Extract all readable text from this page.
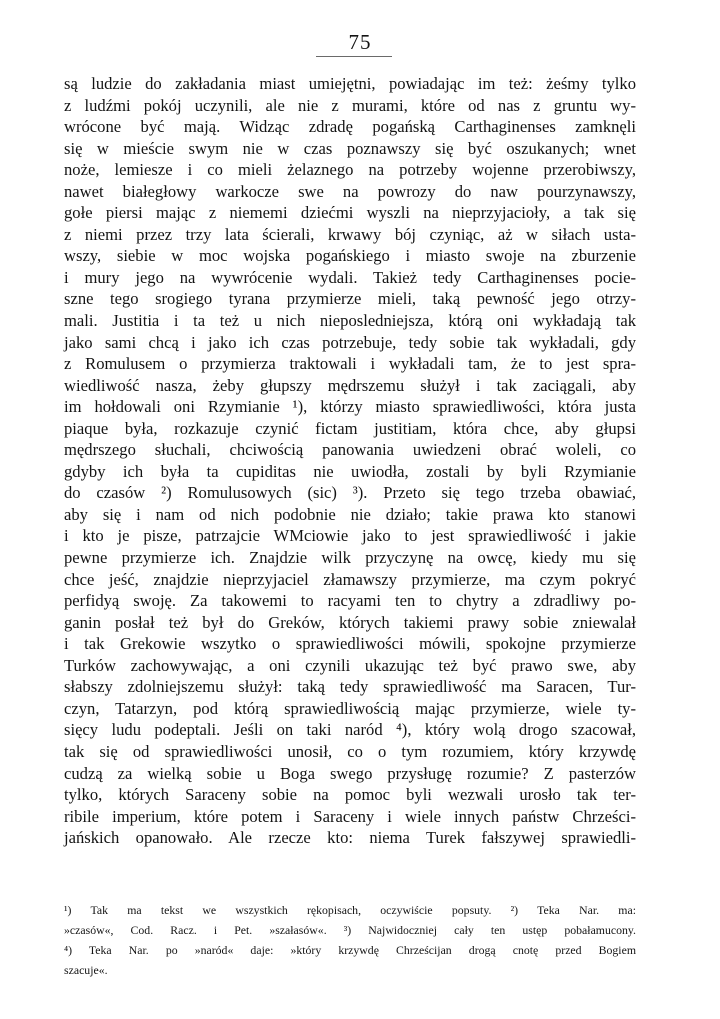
75
są ludzie do zakładania miast umiejętni, powiadając im też: żeśmy tylko
z ludźmi pokój uczynili, ale nie z murami, które od nas z gruntu wy-
wrócone być mają. Widząc zdradę pogańską Carthaginenses zamknęli
się w mieście swym nie w czas poznawszy się być oszukanych; wnet
noże, lemiesze i co mieli żelaznego na potrzeby wojenne przerobiwszy,
nawet białegłowy warkocze swe na powrozy do naw pourzynawszy,
gołe piersi mając z niememi dziećmi wyszli na nieprzyjacioły, a tak się
z niemi przez trzy lata ścierali, krwawy bój czyniąc, aż w siłach usta-
wszy, siebie w moc wojska pogańskiego i miasto swoje na zburzenie
i mury jego na wywrócenie wydali. Takież tedy Carthaginenses pocie-
szne tego srogiego tyrana przymierze mieli, taką pewność jego otrzy-
mali. Justitia i ta też u nich nieposledniejsza, którą oni wykładają tak
jako sami chcą i jako ich czas potrzebuje, tedy sobie tak wykładali, gdy
z Romulusem o przymierza traktowali i wykładali tam, że to jest spra-
wiedliwość nasza, żeby głupszy mędrszemu służył i tak zaciągali, aby
im hołdowali oni Rzymianie ¹), którzy miasto sprawiedliwości, która justa
piaque była, rozkazuje czynić fictam justitiam, która chce, aby głupsi
mędrszego słuchali, chciwością panowania uwiedzeni obrać woleli, co
gdyby ich była ta cupiditas nie uwiodła, zostali by byli Rzymianie
do czasów ²) Romulusowych (sic) ³). Przeto się tego trzeba obawiać,
aby się i nam od nich podobnie nie działo; takie prawa kto stanowi
i kto je pisze, patrzajcie WMciowie jako to jest sprawiedliwość i jakie
pewne przymierze ich. Znajdzie wilk przyczynę na owcę, kiedy mu się
chce jeść, znajdzie nieprzyjaciel złamawszy przymierze, ma czym pokryć
perfidyą swoję. Za takowemi to racyami ten to chytry a zdradliwy po-
ganin posłał też był do Greków, których takiemi prawy sobie zniewalał
i tak Grekowie wszytko o sprawiedliwości mówili, spokojne przymierze
Turków zachowywając, a oni czynili ukazując też być prawo swe, aby
słabszy zdolniejszemu służył: taką tedy sprawiedliwość ma Saracen, Tur-
czyn, Tatarzyn, pod którą sprawiedliwością mając przymierze, wiele ty-
sięcy ludu podeptali. Jeśli on taki naród ⁴), który wolą drogo szacował,
tak się od sprawiedliwości unosił, co o tym rozumiem, który krzywdę
cudzą za wielką sobie u Boga swego przysługę rozumie? Z pasterzów
tylko, których Saraceny sobie na pomoc byli wezwali urosło tak ter-
ribile imperium, które potem i Saraceny i wiele innych państw Chrześci-
jańskich opanowało. Ale rzecze kto: niema Turek fałszywej sprawiedli-
¹) Tak ma tekst we wszystkich rękopisach, oczywiście popsuty. ²) Teka Nar. ma:
»czasów«, Cod. Racz. i Pet. »szałasów«. ³) Najwidoczniej cały ten ustęp pobałamucony.
⁴) Teka Nar. po »naród« daje: »który krzywdę Chrześcijan drogą cnotę przed Bogiem
szacuje«.
